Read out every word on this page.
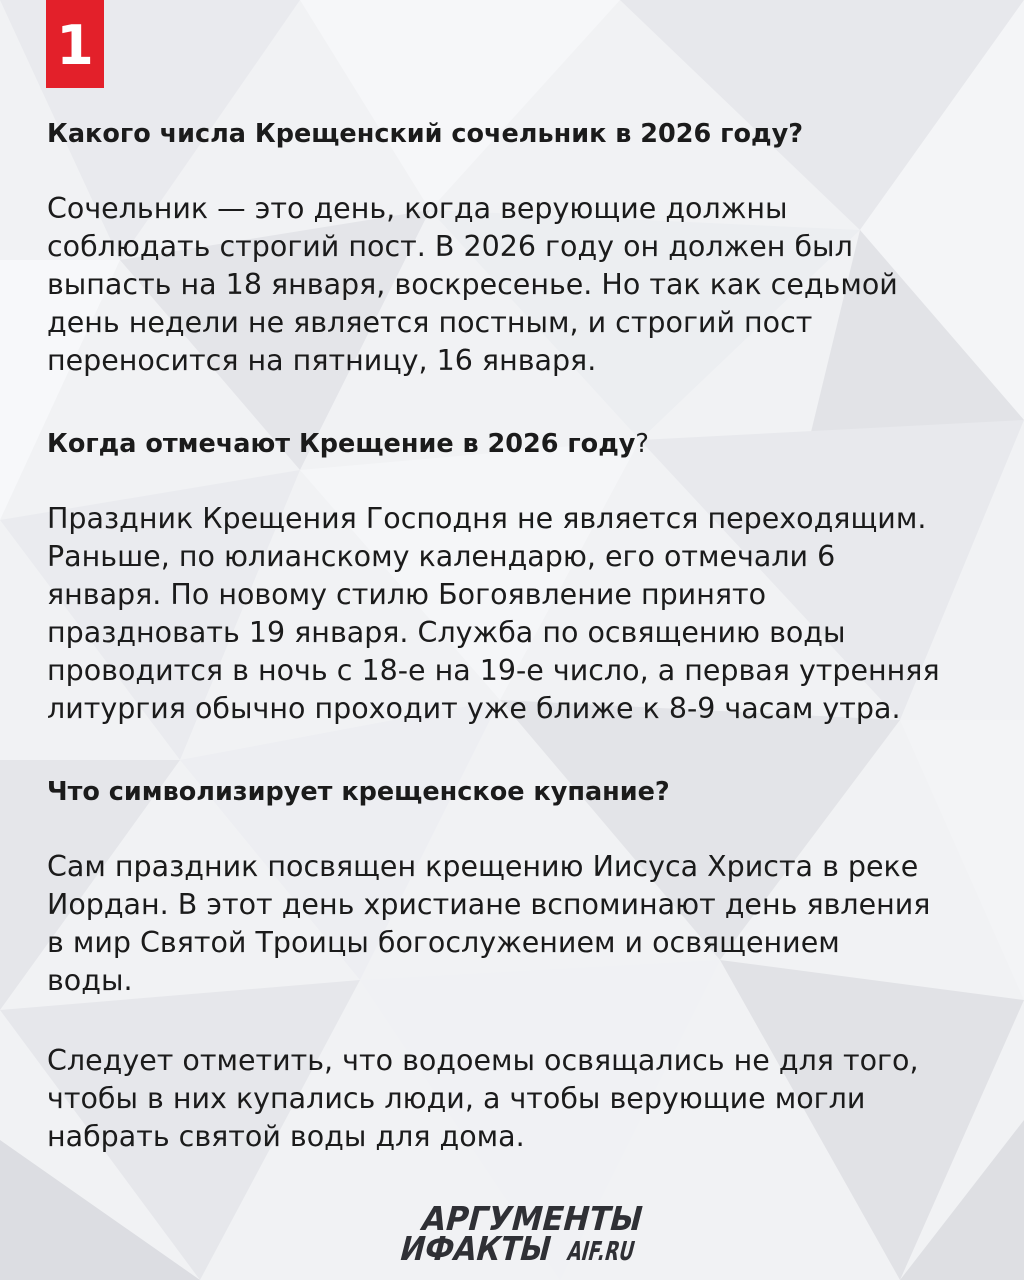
1
Какого числа Крещенский сочельник в 2026 году?

Сочельник — это день, когда верующие должны
соблюдать строгий пост. В 2026 году он должен был
выпасть на 18 января, воскресенье. Но так как седьмой
день недели не является постным, и строгий пост
переносится на пятницу, 16 января.

Когда отмечают Крещение в 2026 году?

Праздник Крещения Господня не является переходящим.
Раньше, по юлианскому календарю, его отмечали 6
января. По новому стилю Богоявление принято
праздновать 19 января. Служба по освящению воды
проводится в ночь с 18-е на 19-е число, а первая утренняя
литургия обычно проходит уже ближе к 8-9 часам утра.

Что символизирует крещенское купание?

Сам праздник посвящен крещению Иисуса Христа в реке
Иордан. В этот день христиане вспоминают день явления
в мир Святой Троицы богослужением и освящением
воды.

Следует отметить, что водоемы освящались не для того,
чтобы в них купались люди, а чтобы верующие могли
набрать святой воды для дома.

АРГУМЕНТЫ
ИФАКТЫ
AIF.RU
